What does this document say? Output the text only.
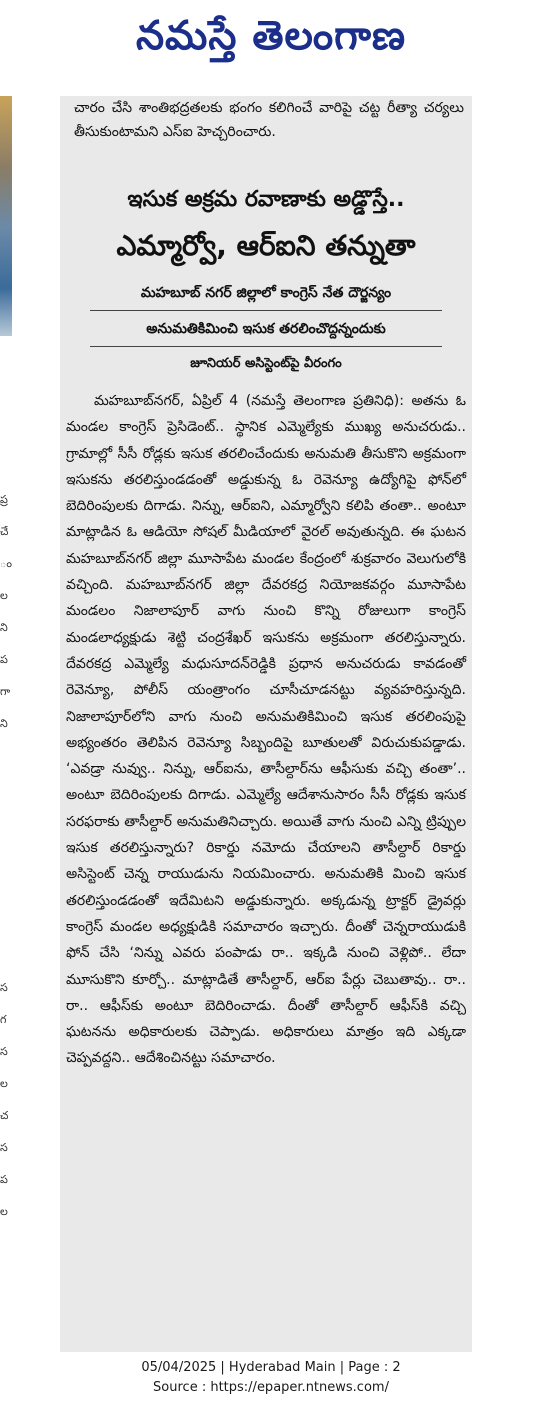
నమస్తే తెలంగాణ
ప్ర
చే
ం
ల
ని
ప
గా
ని
స
గ
స
ల
చ
స
ప
ల

చారం చేసి శాంతిభద్రతలకు భంగం కలిగించే వారిపై చట్ట రీత్యా చర్యలు తీసుకుంటామని ఎస్ఐ హెచ్చరించారు.

ఇసుక అక్రమ రవాణాకు అడ్డొస్తే..
ఎమ్మార్వో, ఆర్ఐని తన్నుతా
మహబూబ్ నగర్ జిల్లాలో కాంగ్రెస్ నేత దౌర్జన్యం
అనుమతికిమించి ఇసుక తరలించొద్దన్నందుకు
జూనియర్ అసిస్టెంట్‌పై వీరంగం

మహబూబ్‌నగర్, ఏప్రిల్ 4 (నమస్తే తెలంగాణ ప్రతినిధి): అతను ఓ మండల కాంగ్రెస్ ప్రెసిడెంట్.. స్థానిక ఎమ్మెల్యేకు ముఖ్య అనుచరుడు.. గ్రామాల్లో సీసీ రోడ్లకు ఇసుక తరలించేందుకు అనుమతి తీసుకొని అక్రమంగా ఇసుకను తరలిస్తుండడంతో అడ్డుకున్న ఓ రెవెన్యూ ఉద్యోగిపై ఫోన్‌లో బెదిరింపులకు దిగాడు. నిన్ను, ఆర్ఐని, ఎమ్మార్వోని కలిపి తంతా.. అంటూ మాట్లాడిన ఓ ఆడియో సోషల్ మీడియాలో వైరల్ అవుతున్నది. ఈ ఘటన మహబూబ్‌నగర్ జిల్లా మూసాపేట మండల కేంద్రంలో శుక్రవారం వెలుగులోకి వచ్చింది. మహబూబ్‌నగర్ జిల్లా దేవరకద్ర నియోజకవర్గం మూసాపేట మండలం నిజాలాపూర్ వాగు నుంచి కొన్ని రోజులుగా కాంగ్రెస్ మండలాధ్యక్షుడు శెట్టి చంద్రశేఖర్ ఇసుకను అక్రమంగా తరలిస్తున్నారు. దేవరకద్ర ఎమ్మెల్యే మధుసూదన్‌రెడ్డికి ప్రధాన అనుచరుడు కావడంతో రెవెన్యూ, పోలీస్ యంత్రాంగం చూసీచూడనట్టు వ్యవహరిస్తున్నది. నిజాలాపూర్‌లోని వాగు నుంచి అనుమతికిమించి ఇసుక తరలింపుపై అభ్యంతరం తెలిపిన రెవెన్యూ సిబ్బందిపై బూతులతో విరుచుకుపడ్డాడు. ‘ఎవడ్రా నువ్వు.. నిన్ను, ఆర్ఐను, తాసీల్దార్‌ను ఆఫీసుకు వచ్చి తంతా’.. అంటూ బెదిరింపులకు దిగాడు. ఎమ్మెల్యే ఆదేశానుసారం సీసీ రోడ్లకు ఇసుక సరఫరాకు తాసీల్దార్ అనుమతినిచ్చారు. అయితే వాగు నుంచి ఎన్ని ట్రిప్పుల ఇసుక తరలిస్తున్నారు? రికార్డు నమోదు చేయాలని తాసీల్దార్ రికార్డు అసిస్టెంట్ చెన్న రాయుడును నియమించారు. అనుమతికి మించి ఇసుక తరలిస్తుండడంతో ఇదేమిటని అడ్డుకున్నారు. అక్కడున్న ట్రాక్టర్ డ్రైవర్లు కాంగ్రెస్ మండల అధ్యక్షుడికి సమాచారం ఇచ్చారు. దీంతో చెన్నరాయుడుకి ఫోన్ చేసి ‘నిన్ను ఎవరు పంపాడు రా.. ఇక్కడి నుంచి వెళ్లిపో.. లేదా మూసుకొని కూర్చో.. మాట్లాడితే తాసీల్దార్, ఆర్ఐ పేర్లు చెబుతావు.. రా.. రా.. ఆఫీస్‌కు అంటూ బెదిరించాడు. దీంతో తాసీల్దార్ ఆఫీస్‌కి వచ్చి ఘటనను అధికారులకు చెప్పాడు. అధికారులు మాత్రం ఇది ఎక్కడా చెప్పవద్దని.. ఆదేశించినట్టు సమాచారం.

05/04/2025 | Hyderabad Main | Page : 2
Source : https://epaper.ntnews.com/
